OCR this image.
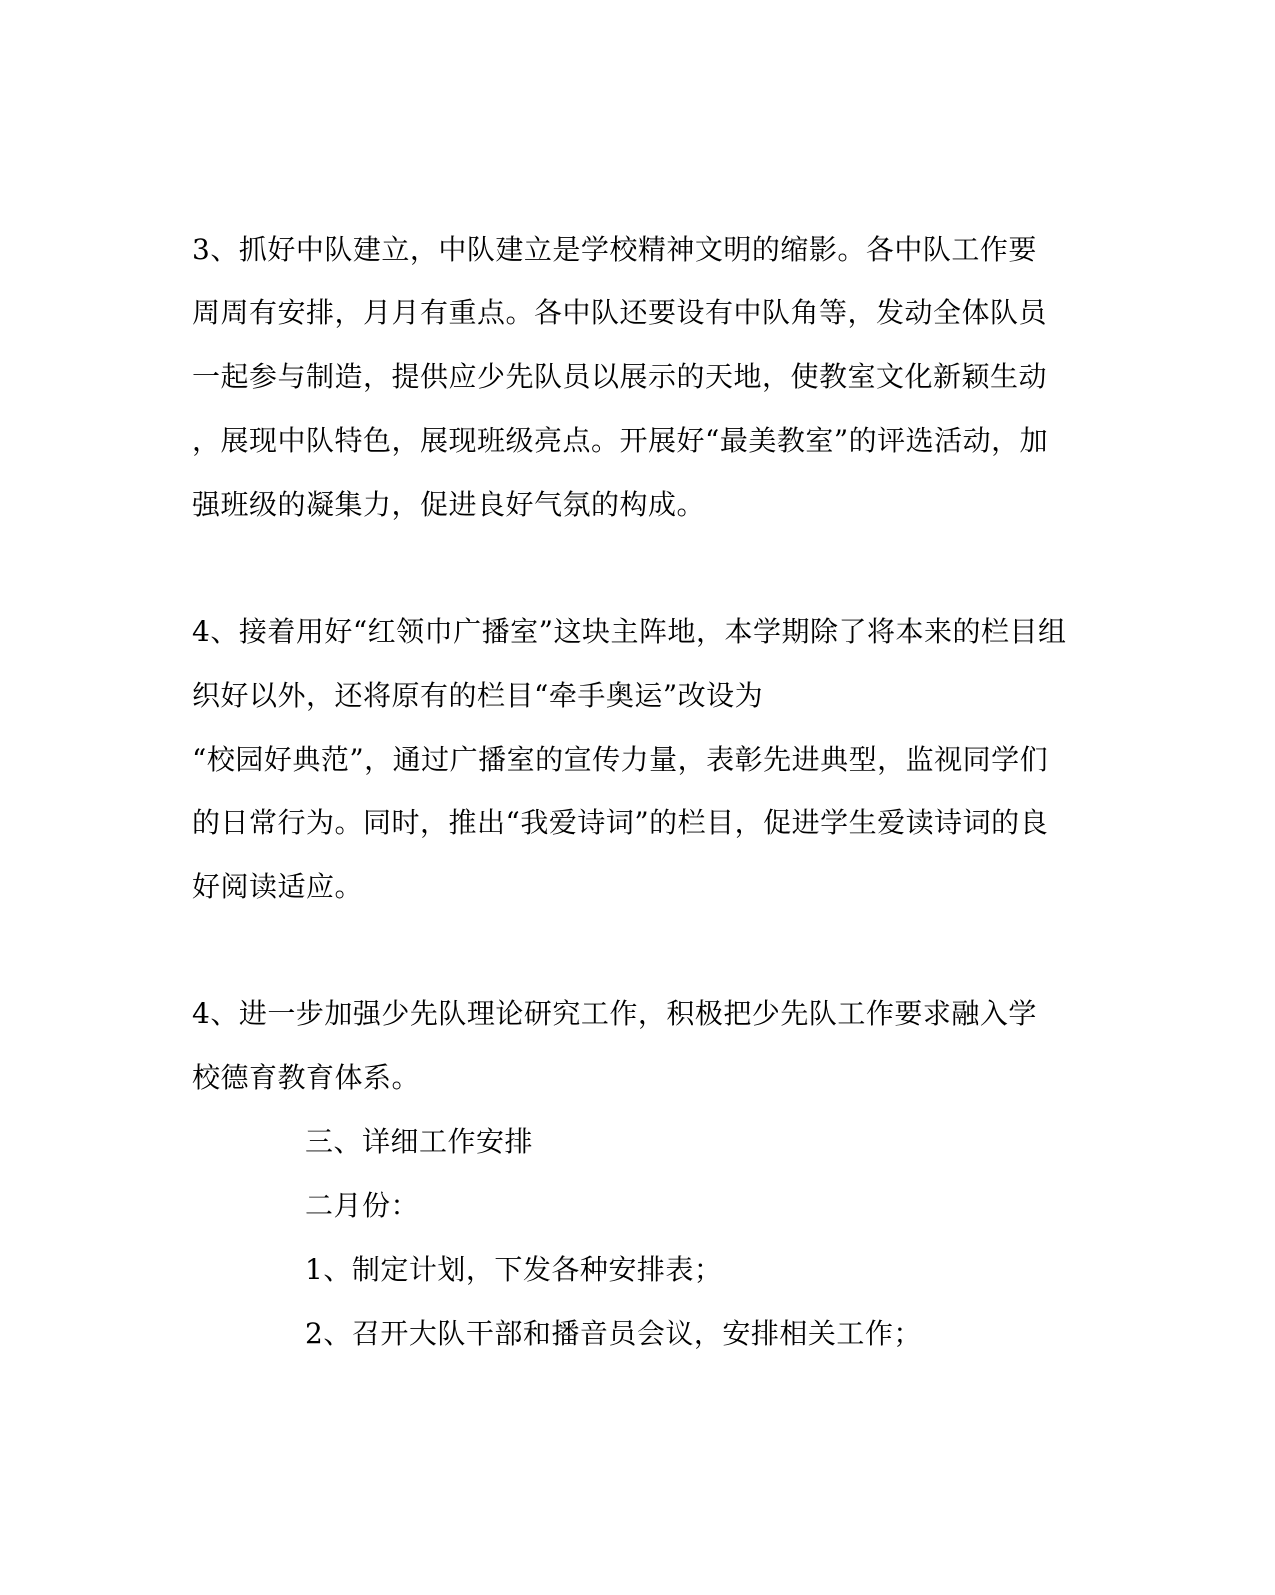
3、抓好中队建立，中队建立是学校精神文明的缩影。各中队工作要
周周有安排，月月有重点。各中队还要设有中队角等，发动全体队员
一起参与制造，提供应少先队员以展示的天地，使教室文化新颖生动
，展现中队特色，展现班级亮点。开展好“最美教室”的评选活动，加
强班级的凝集力，促进良好气氛的构成。
4、接着用好“红领巾广播室”这块主阵地，本学期除了将本来的栏目组
织好以外，还将原有的栏目“牵手奥运”改设为
“校园好典范”，通过广播室的宣传力量，表彰先进典型，监视同学们
的日常行为。同时，推出“我爱诗词”的栏目，促进学生爱读诗词的良
好阅读适应。
4、进一步加强少先队理论研究工作，积极把少先队工作要求融入学
校德育教育体系。
三、详细工作安排
二月份：
1、制定计划，下发各种安排表；
2、召开大队干部和播音员会议，安排相关工作；
